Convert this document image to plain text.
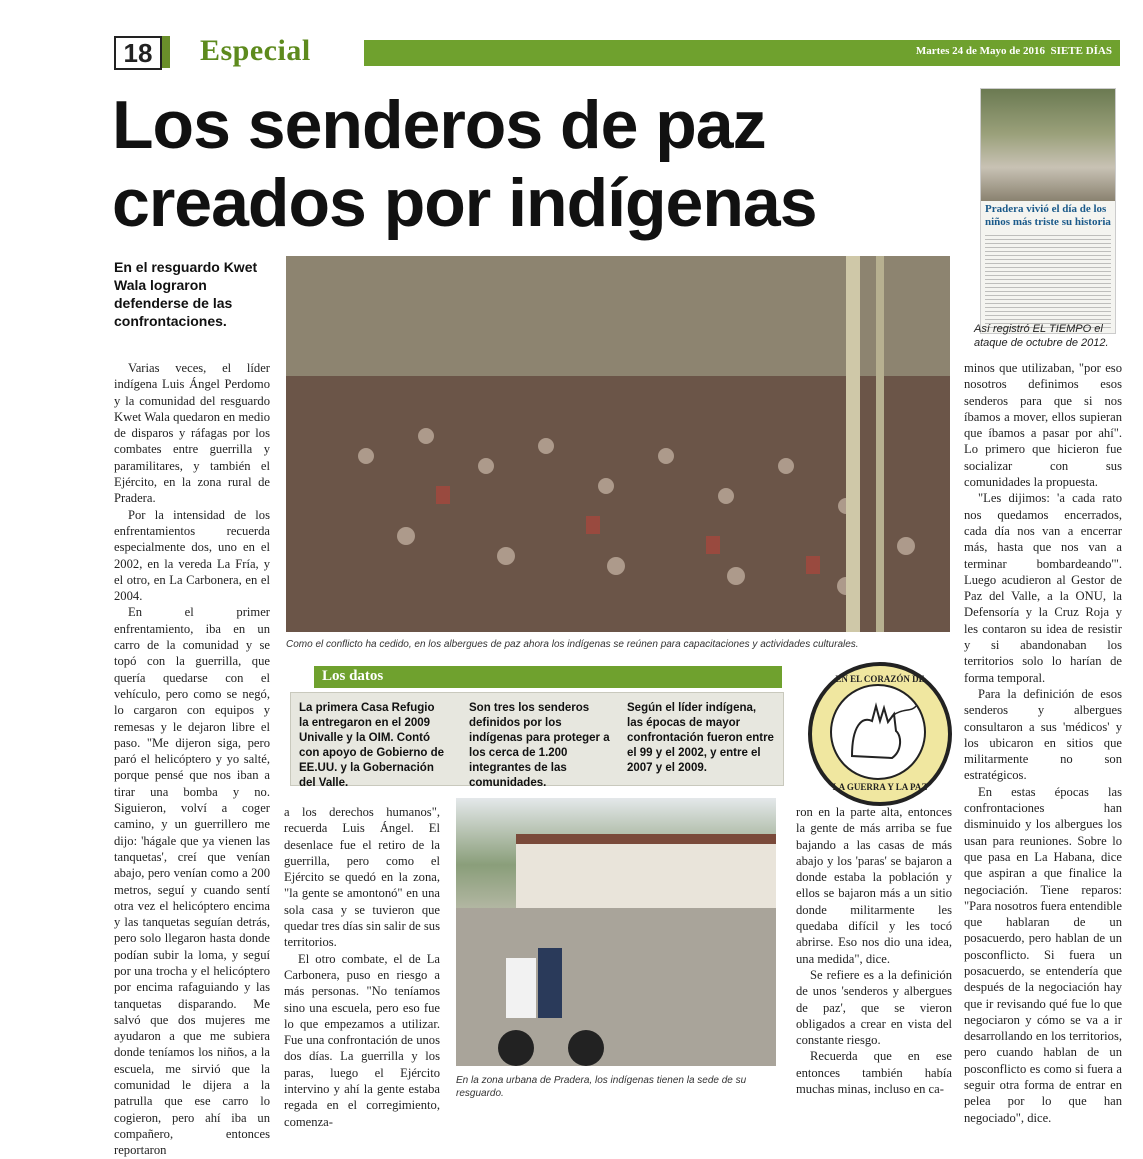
18	Especial	Martes 24 de Mayo de 2016 SIETE DÍAS
Los senderos de paz
creados por indígenas
En el resguardo Kwet Wala lograron defenderse de las confrontaciones.
Como el conflicto ha cedido, en los albergues de paz ahora los indígenas se reúnen para capacitaciones y actividades culturales.

Varias veces, el líder indígena Luis Ángel Perdomo y la comunidad del resguardo Kwet Wala quedaron en medio de disparos y ráfagas por los combates entre guerrilla y paramilitares, y también el Ejército, en la zona rural de Pradera.

Por la intensidad de los enfrentamientos recuerda especialmente dos, uno en el 2002, en la vereda La Fría, y el otro, en La Carbonera, en el 2004.

En el primer enfrentamiento, iba en un carro de la comunidad y se topó con la guerrilla, que quería quedarse con el vehículo, pero como se negó, lo cargaron con equipos y remesas y le dejaron libre el paso. "Me dijeron siga, pero paró el helicóptero y yo salté, porque pensé que nos iban a tirar una bomba y no. Siguieron, volví a coger camino, y un guerrillero me dijo: 'hágale que ya vienen las tanquetas', creí que venían abajo, pero venían como a 200 metros, seguí y cuando sentí otra vez el helicóptero encima y las tanquetas seguían detrás, pero solo llegaron hasta donde podían subir la loma, y seguí por una trocha y el helicóptero por encima rafaguiando y las tanquetas disparando. Me salvó que dos mujeres me ayudaron a que me subiera donde teníamos los niños, a la escuela, me sirvió que la comunidad le dijera a la patrulla que ese carro lo cogieron, pero ahí iba un compañero, entonces reportaron

Los datos
La primera Casa Refugio la entregaron en el 2009 Univalle y la OIM. Contó con apoyo de Gobierno de EE.UU. y la Gobernación del Valle.
Son tres los senderos definidos por los indígenas para proteger a los cerca de 1.200 integrantes de las comunidades.
Según el líder indígena, las épocas de mayor confrontación fueron entre el 99 y el 2002, y entre el 2007 y el 2009.
EN EL CORAZÓN DE
LA GUERRA Y LA PAZ

a los derechos humanos", recuerda Luis Ángel. El desenlace fue el retiro de la guerrilla, pero como el Ejército se quedó en la zona, "la gente se amontonó" en una sola casa y se tuvieron que quedar tres días sin salir de sus territorios.

El otro combate, el de La Carbonera, puso en riesgo a más personas. "No teníamos sino una escuela, pero eso fue lo que empezamos a utilizar. Fue una confrontación de unos dos días. La guerrilla y los paras, luego el Ejército intervino y ahí la gente estaba regada en el corregimiento, comenza-

En la zona urbana de Pradera, los indígenas tienen la sede de su resguardo.

ron en la parte alta, entonces la gente de más arriba se fue bajando a las casas de más abajo y los 'paras' se bajaron a donde estaba la población y ellos se bajaron más a un sitio donde militarmente les quedaba difícil y les tocó abrirse. Eso nos dio una idea, una medida", dice.

Se refiere es a la definición de unos 'senderos y albergues de paz', que se vieron obligados a crear en vista del constante riesgo.

Recuerda que en ese entonces también había muchas minas, incluso en ca-

Pradera vivió el día de los niños más triste su historia
Así registró EL TIEMPO el ataque de octubre de 2012.

minos que utilizaban, "por eso nosotros definimos esos senderos para que si nos íbamos a mover, ellos supieran que íbamos a pasar por ahí". Lo primero que hicieron fue socializar con sus comunidades la propuesta.

"Les dijimos: 'a cada rato nos quedamos encerrados, cada día nos van a encerrar más, hasta que nos van a terminar bombardeando'". Luego acudieron al Gestor de Paz del Valle, a la ONU, la Defensoría y la Cruz Roja y les contaron su idea de resistir y si abandonaban los territorios solo lo harían de forma temporal.

Para la definición de esos senderos y albergues consultaron a sus 'médicos' y los ubicaron en sitios que militarmente no son estratégicos.

En estas épocas las confrontaciones han disminuido y los albergues los usan para reuniones. Sobre lo que pasa en La Habana, dice que aspiran a que finalice la negociación. Tiene reparos: "Para nosotros fuera entendible que hablaran de un posacuerdo, pero hablan de un posconflicto. Si fuera un posacuerdo, se entendería que después de la negociación hay que ir revisando qué fue lo que negociaron y cómo se va a ir desarrollando en los territorios, pero cuando hablan de un posconflicto es como si fuera a seguir otra forma de entrar en pelea por lo que han negociado", dice.
